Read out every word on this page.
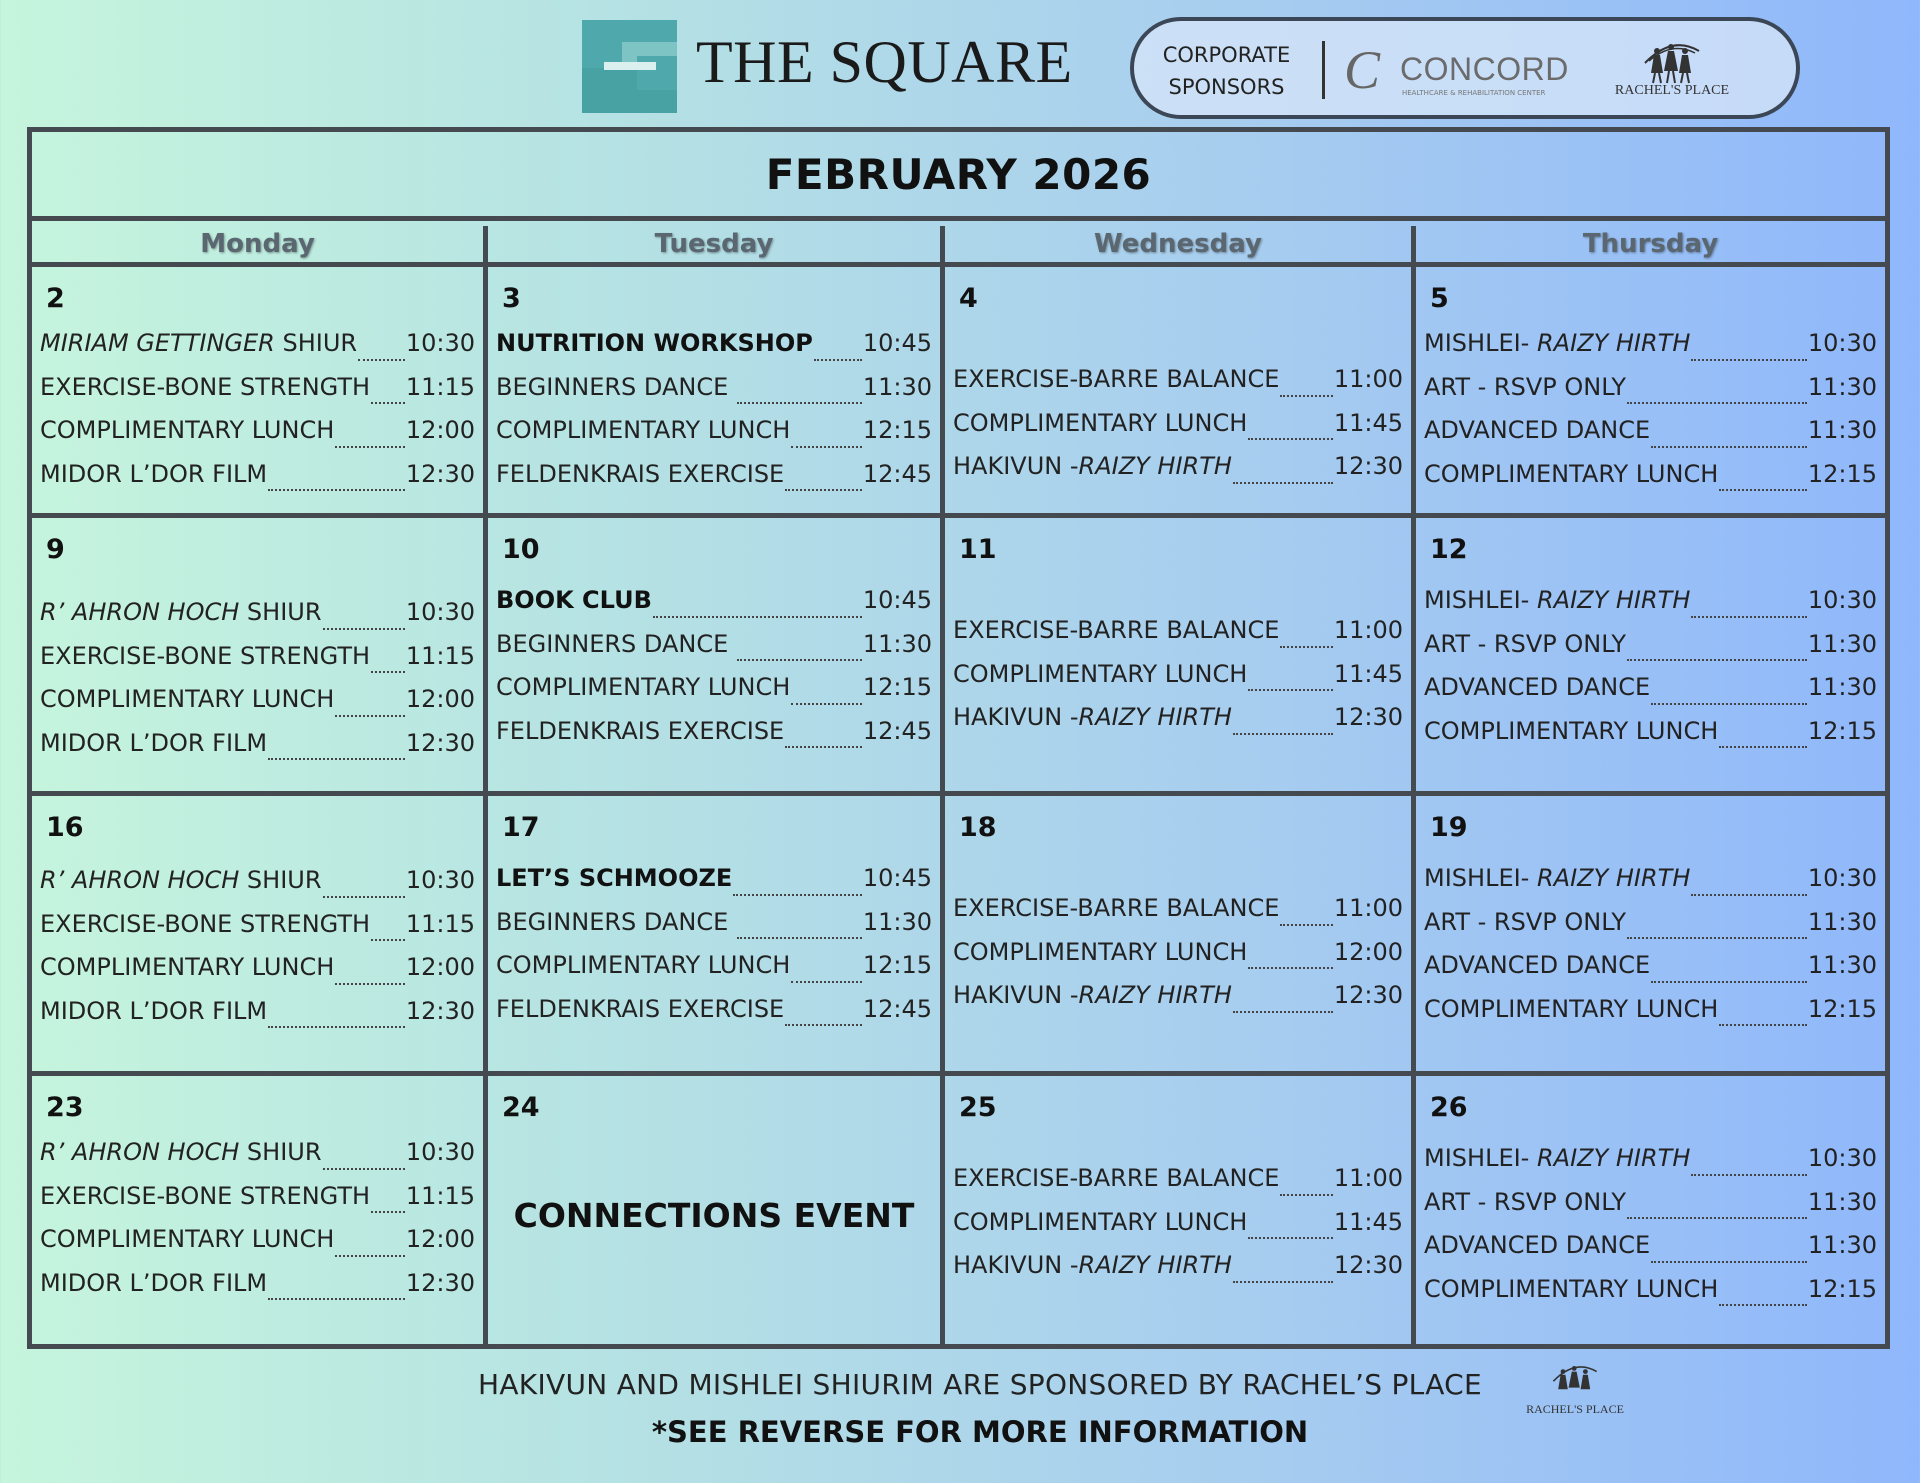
THE SQUARE	CORPORATE
SPONSORS C CONCORD
HEALTHCARE & REHABILITATION CENTER	RACHEL'S PLACE
FEBRUARY 2026
Monday	Tuesday	Wednesday	Thursday
2
MIRIAM GETTINGER SHIUR 10:30
EXERCISE-BONE STRENGTH 11:15
COMPLIMENTARY LUNCH	12:00
MIDOR L’DOR FILM	12:30
3
NUTRITION WORKSHOP 10:45
BEGINNERS DANCE	11:30
COMPLIMENTARY LUNCH	12:15
FELDENKRAIS EXERCISE	12:45
4
EXERCISE-BARRE BALANCE 11:00
COMPLIMENTARY LUNCH	11:45
HAKIVUN -RAIZY HIRTH	12:30
5
MISHLEI- RAIZY HIRTH	10:30
ART - RSVP ONLY	11:30
ADVANCED DANCE	11:30
COMPLIMENTARY LUNCH	12:15
9
R’ AHRON HOCH SHIUR	10:30
EXERCISE-BONE STRENGTH 11:15
COMPLIMENTARY LUNCH	12:00
MIDOR L’DOR FILM	12:30
10
BOOK CLUB	10:45
BEGINNERS DANCE	11:30
COMPLIMENTARY LUNCH	12:15
FELDENKRAIS EXERCISE	12:45
11
EXERCISE-BARRE BALANCE 11:00
COMPLIMENTARY LUNCH	11:45
HAKIVUN -RAIZY HIRTH	12:30
12
MISHLEI- RAIZY HIRTH	10:30
ART - RSVP ONLY	11:30
ADVANCED DANCE	11:30
COMPLIMENTARY LUNCH	12:15
16
R’ AHRON HOCH SHIUR	10:30
EXERCISE-BONE STRENGTH 11:15
COMPLIMENTARY LUNCH	12:00
MIDOR L’DOR FILM	12:30
17
LET’S SCHMOOZE	10:45
BEGINNERS DANCE	11:30
COMPLIMENTARY LUNCH	12:15
FELDENKRAIS EXERCISE	12:45
18
EXERCISE-BARRE BALANCE 11:00
COMPLIMENTARY LUNCH	12:00
HAKIVUN -RAIZY HIRTH	12:30
19
MISHLEI- RAIZY HIRTH	10:30
ART - RSVP ONLY	11:30
ADVANCED DANCE	11:30
COMPLIMENTARY LUNCH	12:15
23
R’ AHRON HOCH SHIUR	10:30
EXERCISE-BONE STRENGTH 11:15
COMPLIMENTARY LUNCH	12:00
MIDOR L’DOR FILM	12:30
24
CONNECTIONS EVENT
25
EXERCISE-BARRE BALANCE 11:00
COMPLIMENTARY LUNCH	11:45
HAKIVUN -RAIZY HIRTH	12:30
26
MISHLEI- RAIZY HIRTH	10:30
ART - RSVP ONLY	11:30
ADVANCED DANCE	11:30
COMPLIMENTARY LUNCH	12:15
HAKIVUN AND MISHLEI SHIURIM ARE SPONSORED BY RACHEL’S PLACE
*SEE REVERSE FOR MORE INFORMATION
RACHEL'S PLACE
